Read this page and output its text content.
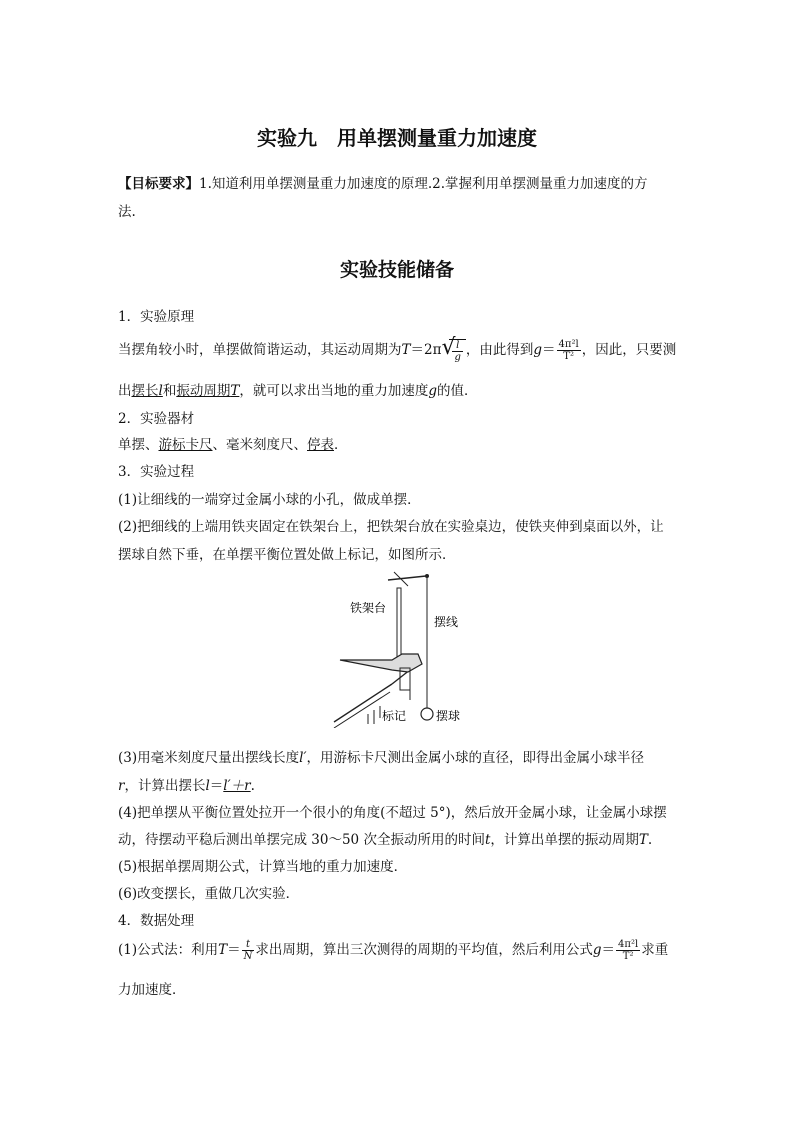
实验九　用单摆测量重力加速度
【目标要求】1.知道利用单摆测量重力加速度的原理.2.掌握利用单摆测量重力加速度的方
法.
实验技能储备
1．实验原理
当摆角较小时，单摆做简谐运动，其运动周期为T＝2π √
$\frac{l}{g}$ ，由此得到$g= \frac{\text{4π²l}}{\text{T²}}$ ，因此，只要测
出摆长l和振动周期T，就可以求出当地的重力加速度g的值．
2．实验器材
单摆、游标卡尺、毫米刻度尺、停表．
3．实验过程
(1)让细线的一端穿过金属小球的小孔，做成单摆．
(2)把细线的上端用铁夹固定在铁架台上，把铁架台放在实验桌边，使铁夹伸到桌面以外，让
摆球自然下垂，在单摆平衡位置处做上标记，如图所示．
铁架台
摆线
标记 摆球
(3)用毫米刻度尺量出摆线长度l′，用游标卡尺测出金属小球的直径，即得出金属小球半径
r，计算出摆长l＝l′＋r.
(4)把单摆从平衡位置处拉开一个很小的角度(不超过 5°)，然后放开金属小球，让金属小球摆
动，待摆动平稳后测出单摆完成 30～50 次全振动所用的时间t，计算出单摆的振动周期T.
(5)根据单摆周期公式，计算当地的重力加速度．
(6)改变摆长，重做几次实验．
4．数据处理
(1)公式法：利用$T= \frac{t}{N}$ 求出周期，算出三次测得的周期的平均值，然后利用公式$g= \frac{\text{4π²l}}{\text{T²}}$ 求重
力加速度．
